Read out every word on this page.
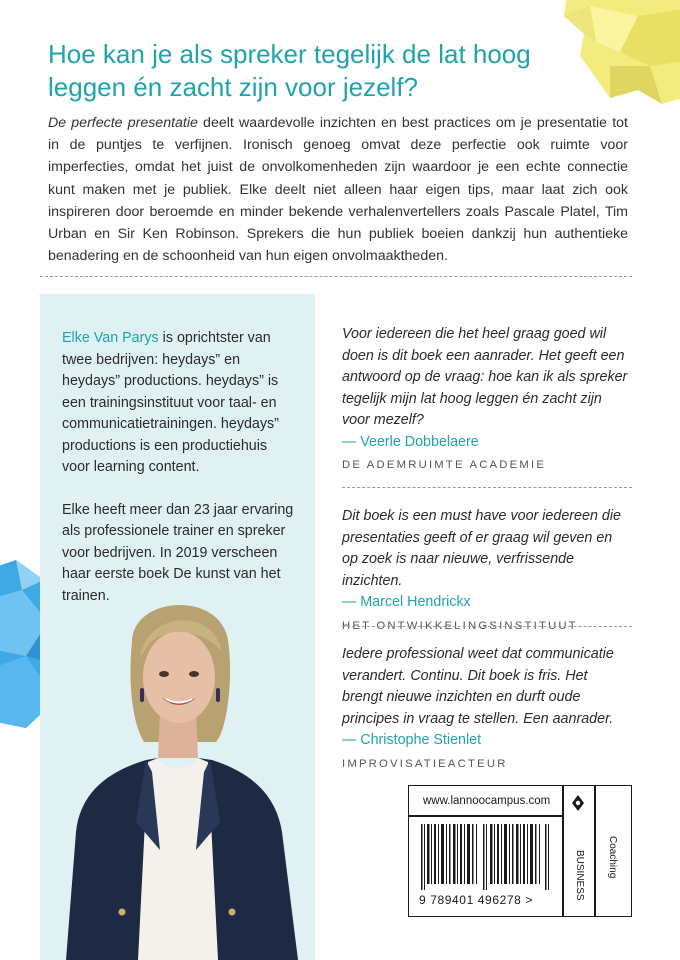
Hoe kan je als spreker tegelijk de lat hoog leggen én zacht zijn voor jezelf?
De perfecte presentatie deelt waardevolle inzichten en best practices om je presentatie tot in de puntjes te verfijnen. Ironisch genoeg omvat deze perfectie ook ruimte voor imperfecties, omdat het juist de onvolkomenheden zijn waardoor je een echte connectie kunt maken met je publiek. Elke deelt niet alleen haar eigen tips, maar laat zich ook inspireren door beroemde en minder bekende verhalenvertellers zoals Pascale Platel, Tim Urban en Sir Ken Robinson. Sprekers die hun publiek boeien dankzij hun authentieke benadering en de schoonheid van hun eigen onvolmaaktheden.

Elke Van Parys is oprichtster van twee bedrijven: heydays” en heydays” productions. heydays” is een trainingsinstituut voor taal- en communicatietrainingen. heydays” productions is een productiehuis voor learning content.

Elke heeft meer dan 23 jaar ervaring als professionele trainer en spreker voor bedrijven. In 2019 verscheen haar eerste boek De kunst van het trainen.

Voor iedereen die het heel graag goed wil doen is dit boek een aanrader. Het geeft een antwoord op de vraag: hoe kan ik als spreker tegelijk mijn lat hoog leggen én zacht zijn voor mezelf?
— Veerle Dobbelaere
DE ADEMRUIMTE ACADEMIE
Dit boek is een must have voor iedereen die presentaties geeft of er graag wil geven en op zoek is naar nieuwe, verfrissende inzichten.
— Marcel Hendrickx
HET ONTWIKKELINGSINSTITUUT
Iedere professional weet dat communicatie verandert. Continu. Dit boek is fris. Het brengt nieuwe inzichten en durft oude principes in vraag te stellen. Een aanrader.
— Christophe Stienlet
IMPROVISATIEACTEUR
www.lannoocampus.com
9 789401 496278 >	BUSINESS Coaching
